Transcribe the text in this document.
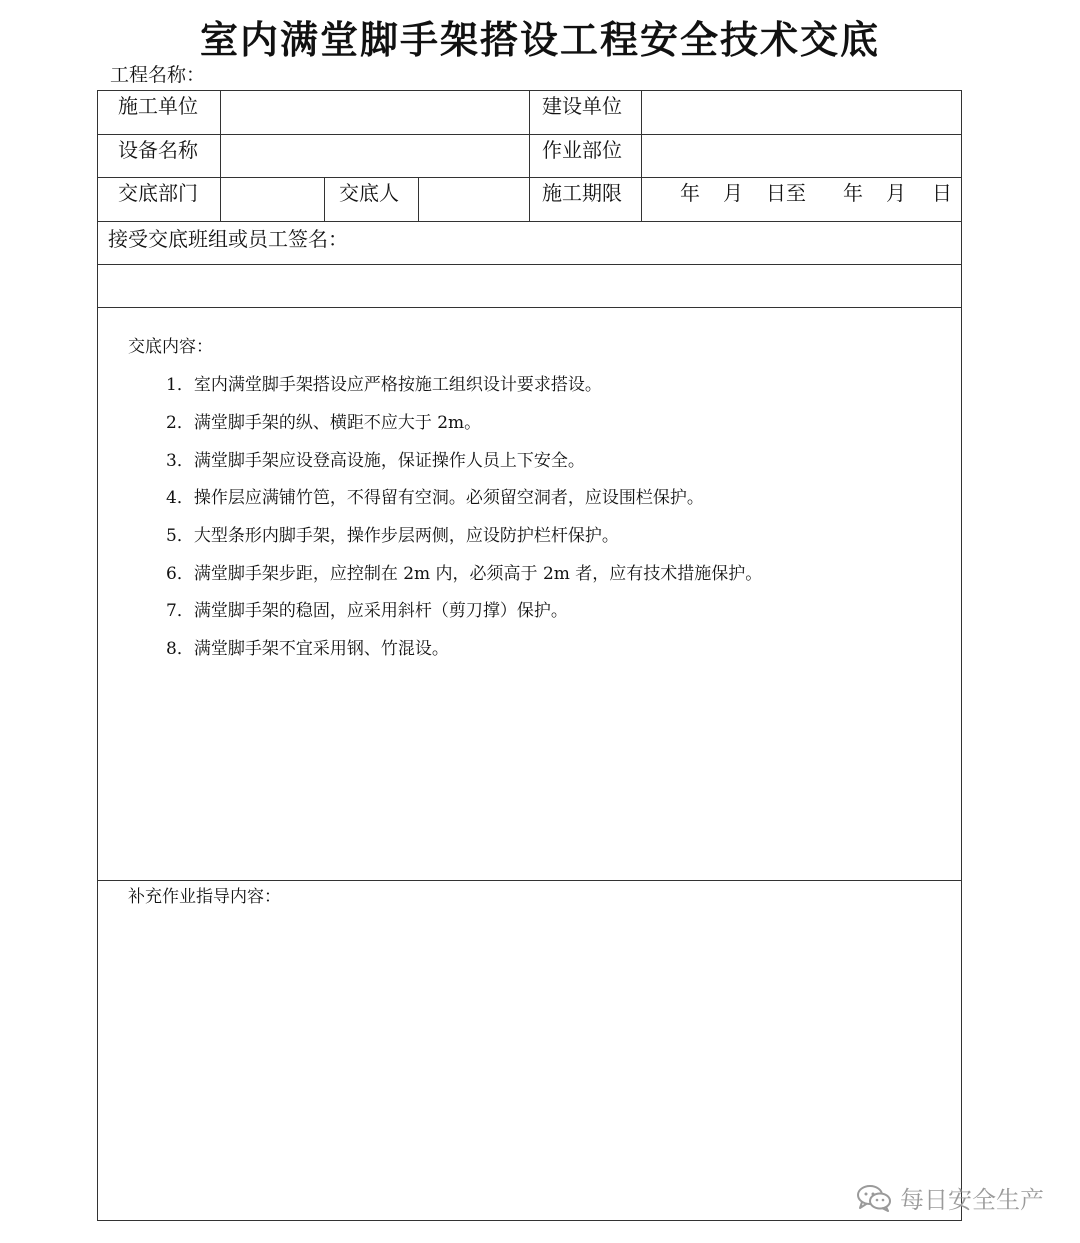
室内满堂脚手架搭设工程安全技术交底
工程名称：
施工单位	建设单位
设备名称	作业部位
交底部门	交底人	施工期限	年 月 日至 年 月 日
接受交底班组或员工签名：
交底内容：
1．室内满堂脚手架搭设应严格按施工组织设计要求搭设。
2．满堂脚手架的纵、横距不应大于 2m。
3．满堂脚手架应设登高设施，保证操作人员上下安全。
4．操作层应满铺竹笆，不得留有空洞。必须留空洞者，应设围栏保护。
5．大型条形内脚手架，操作步层两侧，应设防护栏杆保护。
6．满堂脚手架步距，应控制在 2m 内，必须高于 2m 者，应有技术措施保护。
7．满堂脚手架的稳固，应采用斜杆（剪刀撑）保护。
8．满堂脚手架不宜采用钢、竹混设。
补充作业指导内容：
每日安全生产
